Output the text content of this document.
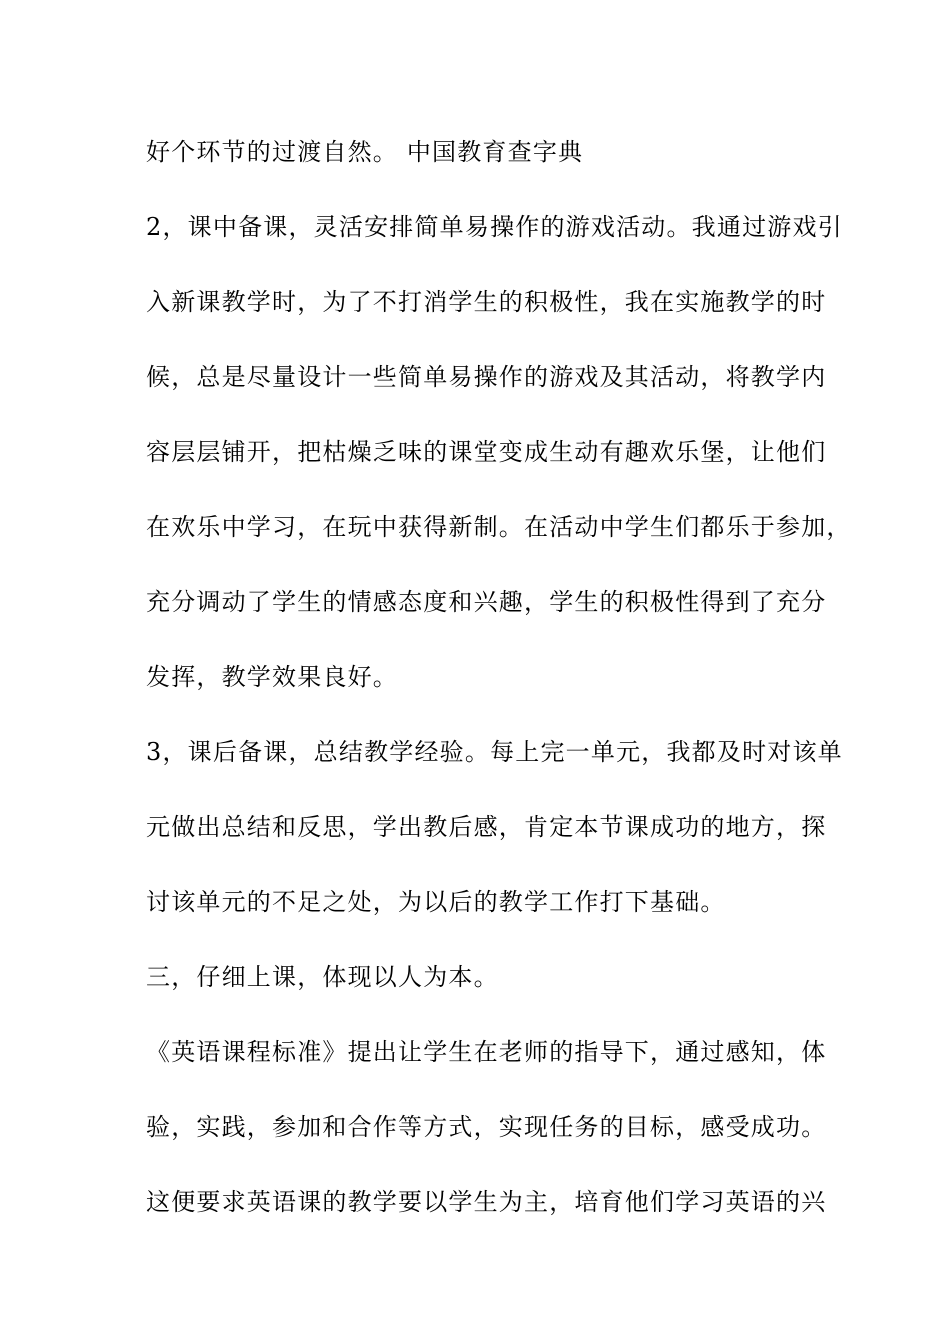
好个环节的过渡自然。 中国教育查字典
2，课中备课，灵活安排简单易操作的游戏活动。我通过游戏引
入新课教学时，为了不打消学生的积极性，我在实施教学的时
候，总是尽量设计一些简单易操作的游戏及其活动，将教学内
容层层铺开，把枯燥乏味的课堂变成生动有趣欢乐堡，让他们
在欢乐中学习，在玩中获得新制。在活动中学生们都乐于参加，
充分调动了学生的情感态度和兴趣，学生的积极性得到了充分
发挥，教学效果良好。
3，课后备课，总结教学经验。每上完一单元，我都及时对该单
元做出总结和反思，学出教后感，肯定本节课成功的地方，探
讨该单元的不足之处，为以后的教学工作打下基础。
三，仔细上课，体现以人为本。
《英语课程标准》提出让学生在老师的指导下，通过感知，体
验，实践，参加和合作等方式，实现任务的目标，感受成功。
这便要求英语课的教学要以学生为主，培育他们学习英语的兴
